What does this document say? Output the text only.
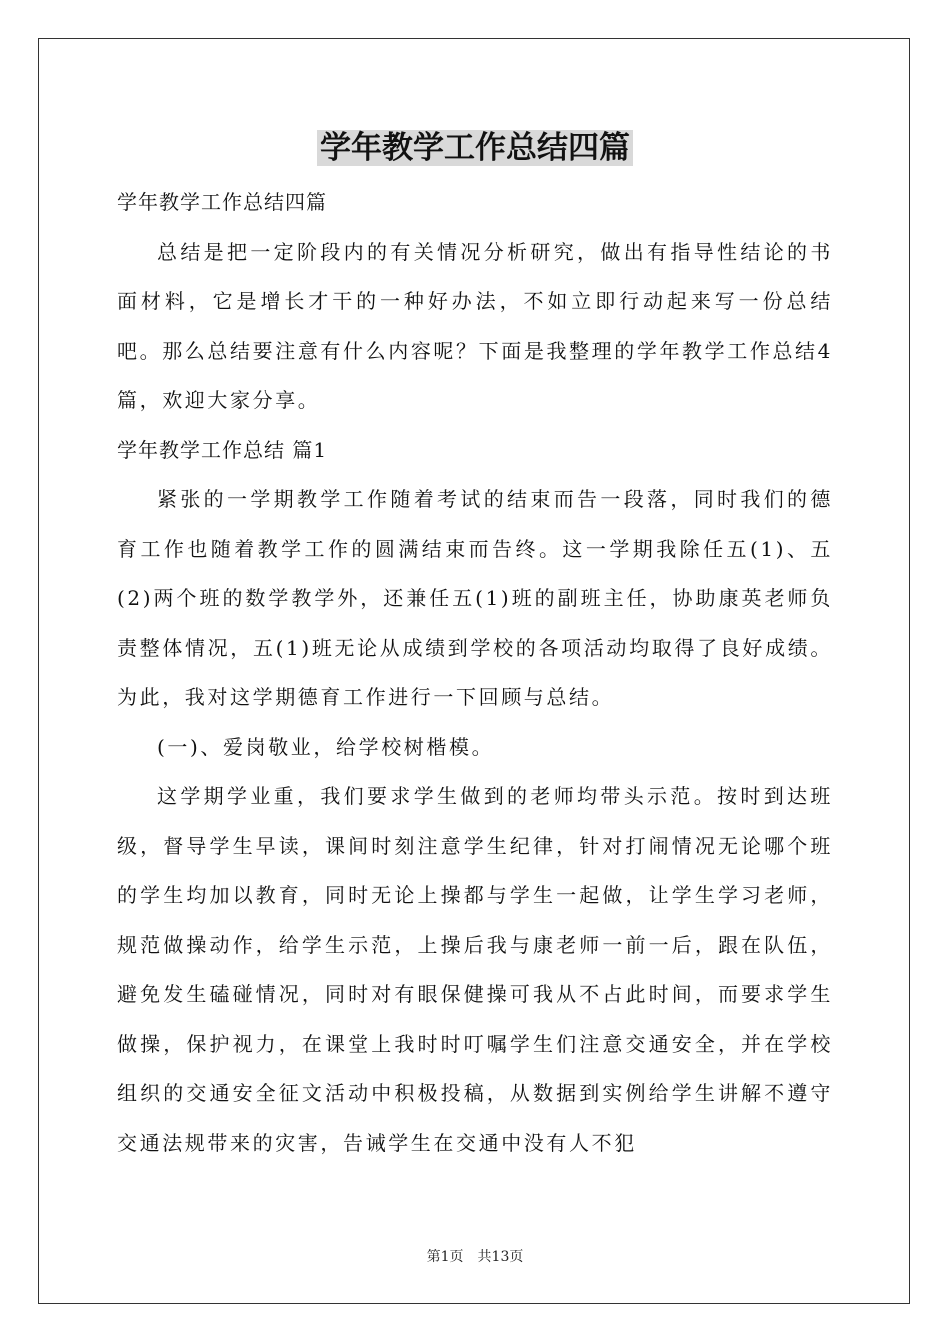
学年教学工作总结四篇

学年教学工作总结四篇

总结是把一定阶段内的有关情况分析研究，做出有指导性结论的书面材料，它是增长才干的一种好办法，不如立即行动起来写一份总结吧。那么总结要注意有什么内容呢？下面是我整理的学年教学工作总结4篇，欢迎大家分享。

学年教学工作总结 篇1

紧张的一学期教学工作随着考试的结束而告一段落，同时我们的德育工作也随着教学工作的圆满结束而告终。这一学期我除任五(1)、五(2)两个班的数学教学外，还兼任五(1)班的副班主任，协助康英老师负责整体情况，五(1)班无论从成绩到学校的各项活动均取得了良好成绩。为此，我对这学期德育工作进行一下回顾与总结。

(一)、爱岗敬业，给学校树楷模。

这学期学业重，我们要求学生做到的老师均带头示范。按时到达班级，督导学生早读，课间时刻注意学生纪律，针对打闹情况无论哪个班的学生均加以教育，同时无论上操都与学生一起做，让学生学习老师，规范做操动作，给学生示范，上操后我与康老师一前一后，跟在队伍，避免发生磕碰情况，同时对有眼保健操可我从不占此时间，而要求学生做操，保护视力，在课堂上我时时叮嘱学生们注意交通安全，并在学校组织的交通安全征文活动中积极投稿，从数据到实例给学生讲解不遵守交通法规带来的灾害，告诫学生在交通中没有人不犯

第1页 共13页
